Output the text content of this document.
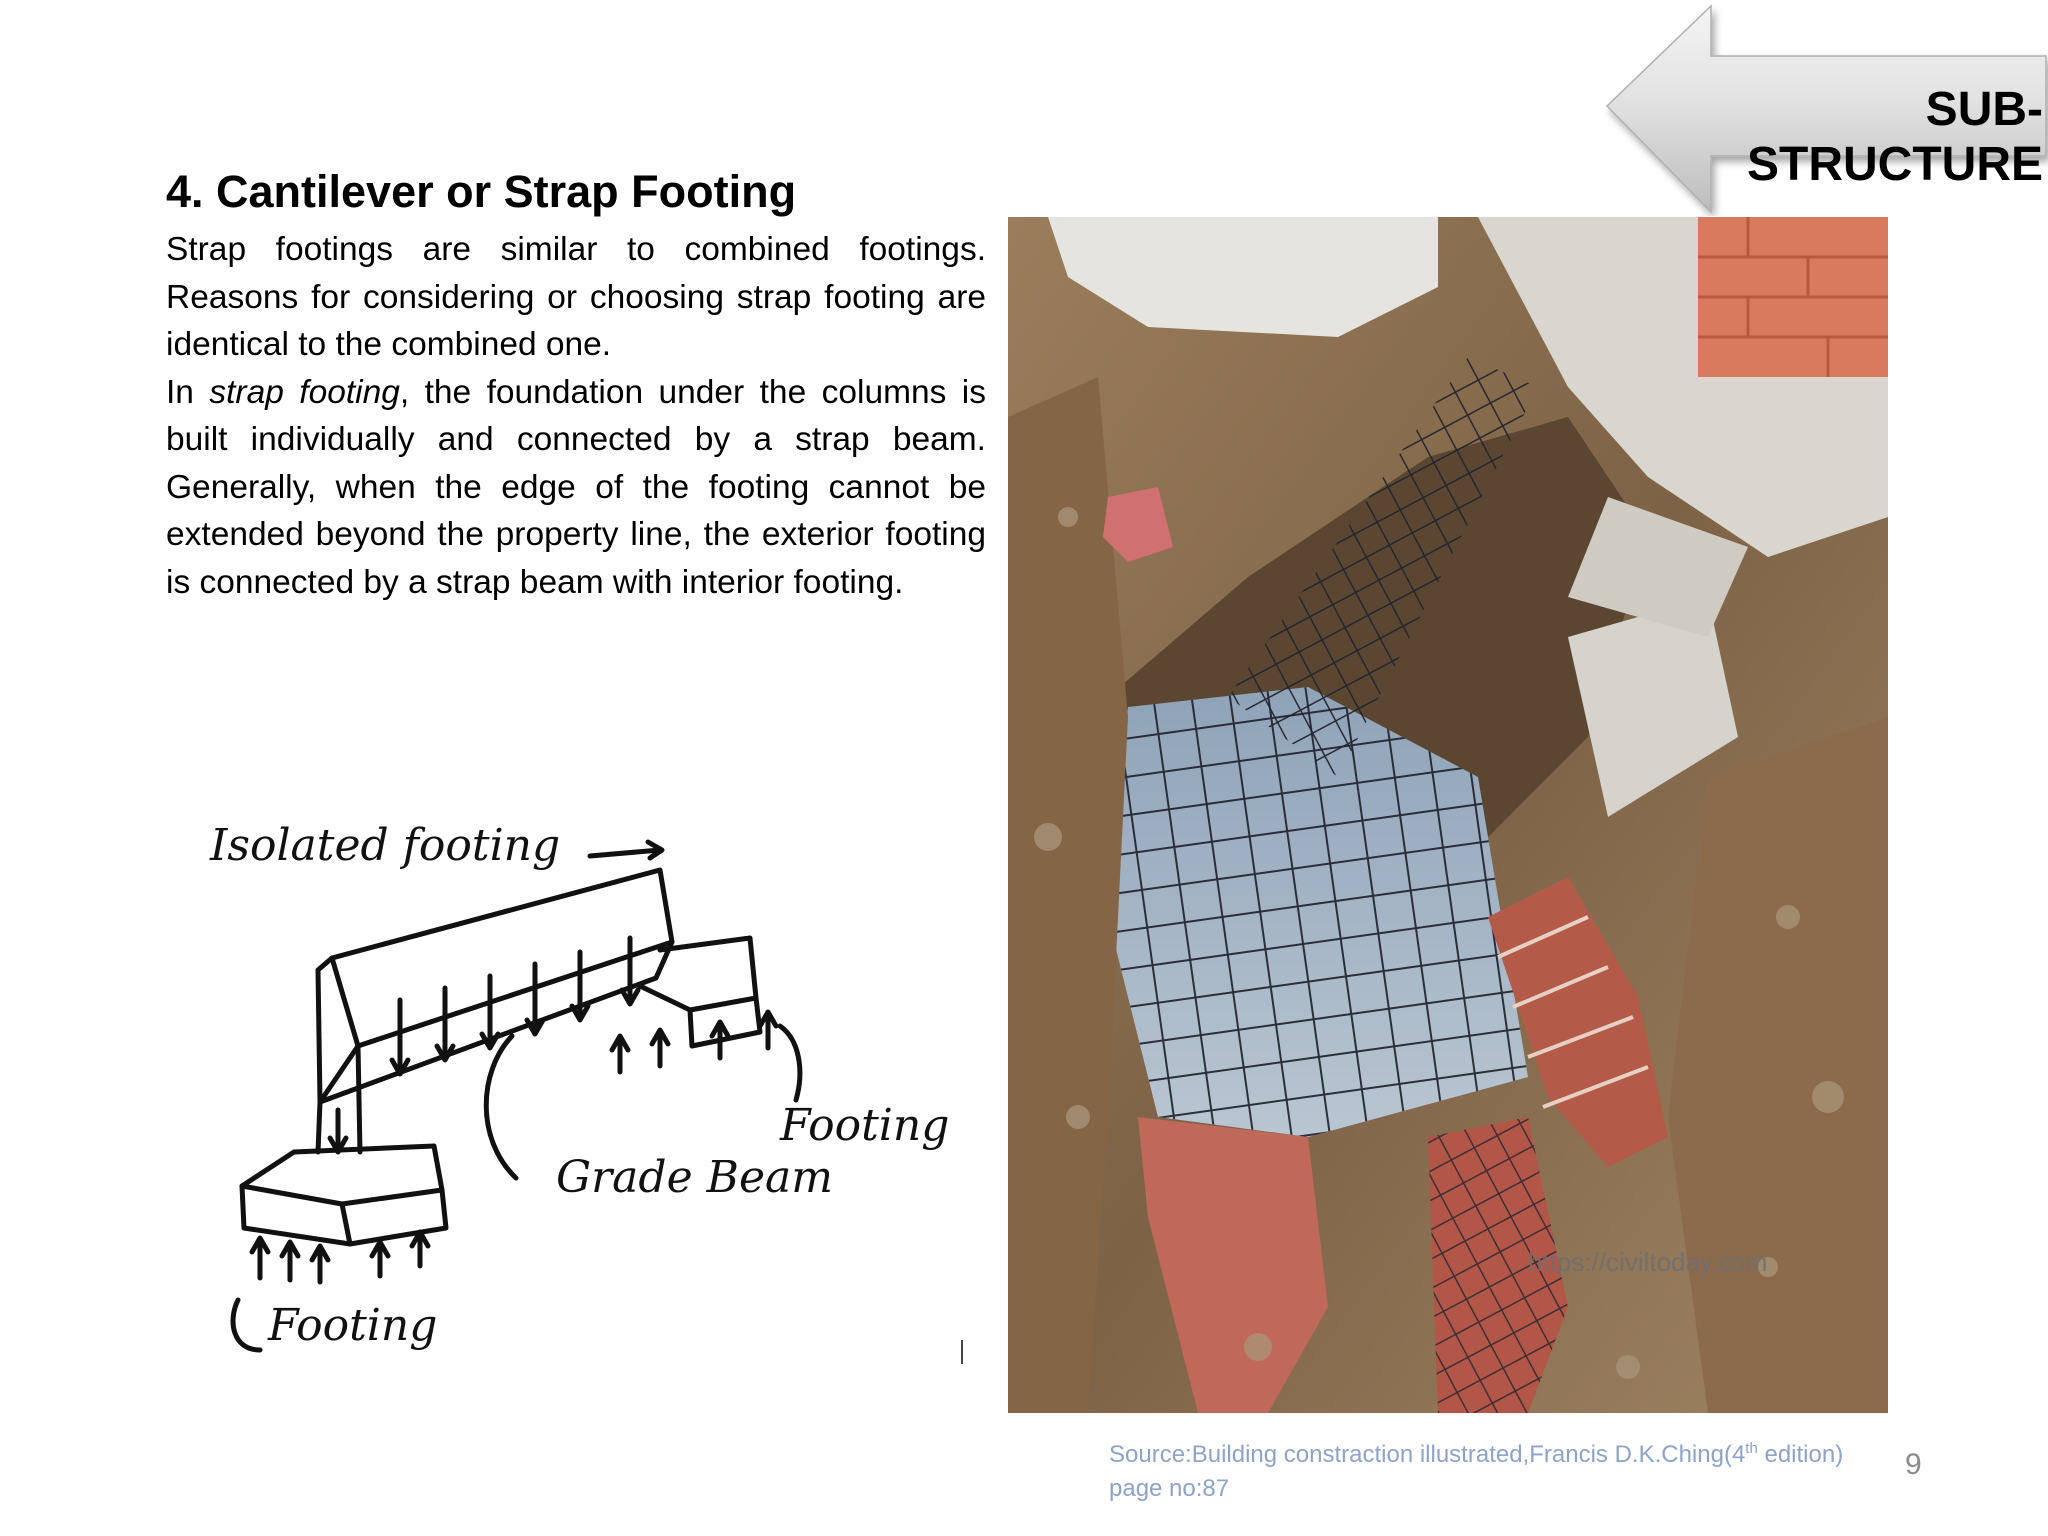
SUB-STRUCTURE
4. Cantilever or Strap Footing

Strap footings are similar to combined footings. Reasons for considering or choosing strap footing are identical to the combined one.

In strap footing, the foundation under the columns is built individually and connected by a strap beam. Generally, when the edge of the footing cannot be extended beyond the property line, the exterior footing is connected by a strap beam with interior footing.

Isolated footing
Footing
Grade Beam
Footing
https://civiltoday.com
Source:Building constraction illustrated,Francis D.K.Ching(4th edition)
page no:87
9
